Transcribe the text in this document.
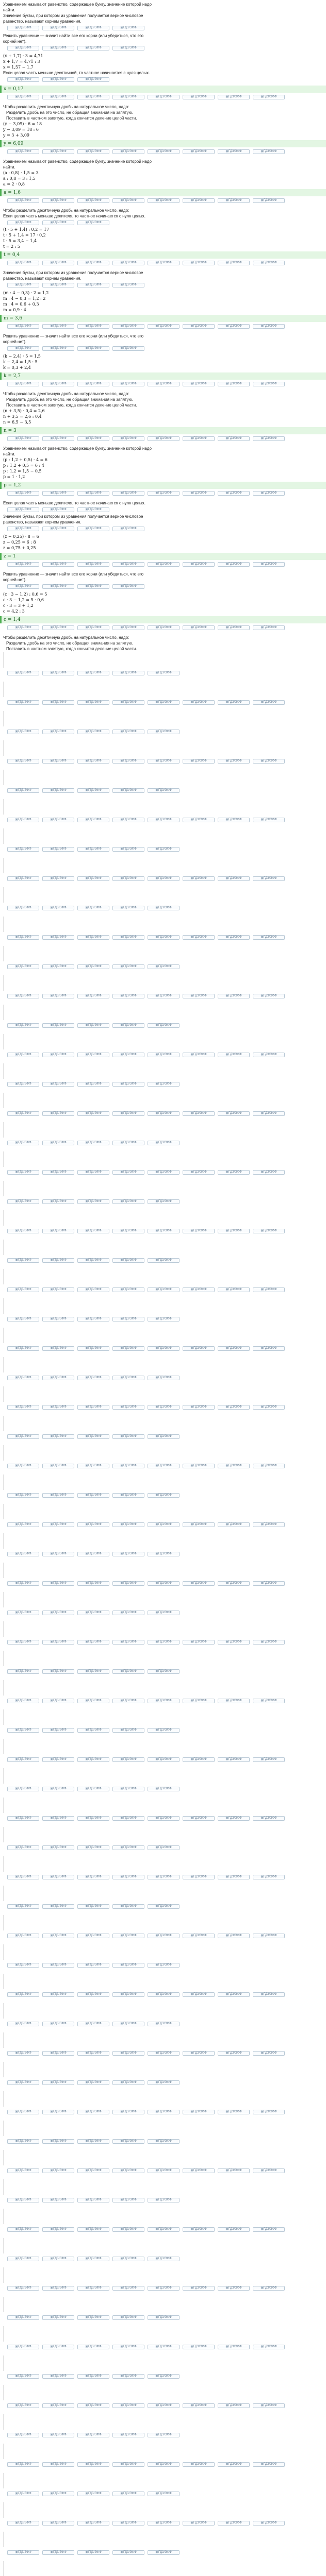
Уравнением называют равенство, содержащее букву, значение которой надо

найти.

Значение буквы, при котором из уравнения получается верное числовое

равенство, называют корнем уравнения.

▣ ГДЗ/ЭФФ	▣ ГДЗ/ЭФФ	▣ ГДЗ/ЭФФ	▣ ГДЗ/ЭФФ

Решить уравнение — значит найти все его корни (или убедиться, что его

корней нет).

▣ ГДЗ/ЭФФ	▣ ГДЗ/ЭФФ	▣ ГДЗ/ЭФФ	▣ ГДЗ/ЭФФ

(x + 1,7) · 3 = 4,71

x + 1,7 = 4,71 : 3

x = 1,57 − 1,7

Если целая часть меньше десятичной, то частное начинается с нуля целых.

▣ ГДЗ/ЭФФ	▣ ГДЗ/ЭФФ	▣ ГДЗ/ЭФФ

x = 0,17

▣ ГДЗ/ЭФФ	▣ ГДЗ/ЭФФ	▣ ГДЗ/ЭФФ	▣ ГДЗ/ЭФФ	▣ ГДЗ/ЭФФ	▣ ГДЗ/ЭФФ	▣ ГДЗ/ЭФФ	▣ ГДЗ/ЭФФ

Чтобы разделить десятичную дробь на натуральное число, надо:

Разделить дробь на это число, не обращая внимания на запятую.

Поставить в частном запятую, когда кончится деление целой части.

(y − 3,09) · 6 = 18

y − 3,09 = 18 : 6

y = 3 + 3,09

y = 6,09

▣ ГДЗ/ЭФФ	▣ ГДЗ/ЭФФ	▣ ГДЗ/ЭФФ	▣ ГДЗ/ЭФФ	▣ ГДЗ/ЭФФ	▣ ГДЗ/ЭФФ	▣ ГДЗ/ЭФФ	▣ ГДЗ/ЭФФ

Уравнением называют равенство, содержащее букву, значение которой надо

найти.

(a : 0,8) · 1,5 = 3

a : 0,8 = 3 : 1,5

a = 2 · 0,8

a = 1,6

▣ ГДЗ/ЭФФ	▣ ГДЗ/ЭФФ	▣ ГДЗ/ЭФФ	▣ ГДЗ/ЭФФ	▣ ГДЗ/ЭФФ	▣ ГДЗ/ЭФФ	▣ ГДЗ/ЭФФ	▣ ГДЗ/ЭФФ

Чтобы разделить десятичную дробь на натуральное число, надо:

Если целая часть меньше делителя, то частное начинается с нуля целых.

▣ ГДЗ/ЭФФ	▣ ГДЗ/ЭФФ	▣ ГДЗ/ЭФФ

(t · 5 + 1,4) : 0,2 = 17

t · 5 + 1,4 = 17 · 0,2

t · 5 = 3,4 − 1,4

t = 2 : 5

t = 0,4

▣ ГДЗ/ЭФФ	▣ ГДЗ/ЭФФ	▣ ГДЗ/ЭФФ	▣ ГДЗ/ЭФФ	▣ ГДЗ/ЭФФ	▣ ГДЗ/ЭФФ	▣ ГДЗ/ЭФФ	▣ ГДЗ/ЭФФ

Значение буквы, при котором из уравнения получается верное числовое

равенство, называют корнем уравнения.

▣ ГДЗ/ЭФФ	▣ ГДЗ/ЭФФ	▣ ГДЗ/ЭФФ	▣ ГДЗ/ЭФФ

(m : 4 − 0,3) · 2 = 1,2

m : 4 − 0,3 = 1,2 : 2

m : 4 = 0,6 + 0,3

m = 0,9 · 4

m = 3,6

▣ ГДЗ/ЭФФ	▣ ГДЗ/ЭФФ	▣ ГДЗ/ЭФФ	▣ ГДЗ/ЭФФ	▣ ГДЗ/ЭФФ	▣ ГДЗ/ЭФФ	▣ ГДЗ/ЭФФ	▣ ГДЗ/ЭФФ

Решить уравнение — значит найти все его корни (или убедиться, что его

корней нет).

▣ ГДЗ/ЭФФ	▣ ГДЗ/ЭФФ	▣ ГДЗ/ЭФФ	▣ ГДЗ/ЭФФ

(k − 2,4) · 5 = 1,5

k − 2,4 = 1,5 : 5

k = 0,3 + 2,4

k = 2,7

▣ ГДЗ/ЭФФ	▣ ГДЗ/ЭФФ	▣ ГДЗ/ЭФФ	▣ ГДЗ/ЭФФ	▣ ГДЗ/ЭФФ	▣ ГДЗ/ЭФФ	▣ ГДЗ/ЭФФ	▣ ГДЗ/ЭФФ

Чтобы разделить десятичную дробь на натуральное число, надо:

Разделить дробь на это число, не обращая внимания на запятую.

Поставить в частном запятую, когда кончится деление целой части.

(n + 3,5) · 0,4 = 2,6

n + 3,5 = 2,6 : 0,4

n = 6,5 − 3,5

n = 3

▣ ГДЗ/ЭФФ	▣ ГДЗ/ЭФФ	▣ ГДЗ/ЭФФ	▣ ГДЗ/ЭФФ	▣ ГДЗ/ЭФФ	▣ ГДЗ/ЭФФ	▣ ГДЗ/ЭФФ	▣ ГДЗ/ЭФФ

Уравнением называют равенство, содержащее букву, значение которой надо

найти.

(p : 1,2 + 0,5) · 4 = 6

p : 1,2 + 0,5 = 6 : 4

p : 1,2 = 1,5 − 0,5

p = 1 · 1,2

p = 1,2

▣ ГДЗ/ЭФФ	▣ ГДЗ/ЭФФ	▣ ГДЗ/ЭФФ	▣ ГДЗ/ЭФФ	▣ ГДЗ/ЭФФ	▣ ГДЗ/ЭФФ	▣ ГДЗ/ЭФФ	▣ ГДЗ/ЭФФ

Если целая часть меньше делителя, то частное начинается с нуля целых.

▣ ГДЗ/ЭФФ	▣ ГДЗ/ЭФФ	▣ ГДЗ/ЭФФ

Значение буквы, при котором из уравнения получается верное числовое

равенство, называют корнем уравнения.

▣ ГДЗ/ЭФФ	▣ ГДЗ/ЭФФ	▣ ГДЗ/ЭФФ	▣ ГДЗ/ЭФФ

(z − 0,25) · 8 = 6

z − 0,25 = 6 : 8

z = 0,75 + 0,25

z = 1

▣ ГДЗ/ЭФФ	▣ ГДЗ/ЭФФ	▣ ГДЗ/ЭФФ	▣ ГДЗ/ЭФФ	▣ ГДЗ/ЭФФ	▣ ГДЗ/ЭФФ	▣ ГДЗ/ЭФФ	▣ ГДЗ/ЭФФ

Решить уравнение — значит найти все его корни (или убедиться, что его

корней нет).

▣ ГДЗ/ЭФФ	▣ ГДЗ/ЭФФ	▣ ГДЗ/ЭФФ	▣ ГДЗ/ЭФФ

(c · 3 − 1,2) : 0,6 = 5

c · 3 − 1,2 = 5 · 0,6

c · 3 = 3 + 1,2

c = 4,2 : 3

c = 1,4

▣ ГДЗ/ЭФФ	▣ ГДЗ/ЭФФ	▣ ГДЗ/ЭФФ	▣ ГДЗ/ЭФФ	▣ ГДЗ/ЭФФ	▣ ГДЗ/ЭФФ	▣ ГДЗ/ЭФФ	▣ ГДЗ/ЭФФ

Чтобы разделить десятичную дробь на натуральное число, надо:

Разделить дробь на это число, не обращая внимания на запятую.

Поставить в частном запятую, когда кончится деление целой части.

▣ ГДЗ/ЭФФ	▣ ГДЗ/ЭФФ	▣ ГДЗ/ЭФФ	▣ ГДЗ/ЭФФ	▣ ГДЗ/ЭФФ
▣ ГДЗ/ЭФФ	▣ ГДЗ/ЭФФ	▣ ГДЗ/ЭФФ	▣ ГДЗ/ЭФФ	▣ ГДЗ/ЭФФ	▣ ГДЗ/ЭФФ	▣ ГДЗ/ЭФФ	▣ ГДЗ/ЭФФ
▣ ГДЗ/ЭФФ	▣ ГДЗ/ЭФФ	▣ ГДЗ/ЭФФ	▣ ГДЗ/ЭФФ	▣ ГДЗ/ЭФФ
▣ ГДЗ/ЭФФ	▣ ГДЗ/ЭФФ	▣ ГДЗ/ЭФФ	▣ ГДЗ/ЭФФ	▣ ГДЗ/ЭФФ	▣ ГДЗ/ЭФФ	▣ ГДЗ/ЭФФ	▣ ГДЗ/ЭФФ
▣ ГДЗ/ЭФФ	▣ ГДЗ/ЭФФ	▣ ГДЗ/ЭФФ	▣ ГДЗ/ЭФФ	▣ ГДЗ/ЭФФ
▣ ГДЗ/ЭФФ	▣ ГДЗ/ЭФФ	▣ ГДЗ/ЭФФ	▣ ГДЗ/ЭФФ	▣ ГДЗ/ЭФФ	▣ ГДЗ/ЭФФ	▣ ГДЗ/ЭФФ	▣ ГДЗ/ЭФФ
▣ ГДЗ/ЭФФ	▣ ГДЗ/ЭФФ	▣ ГДЗ/ЭФФ	▣ ГДЗ/ЭФФ	▣ ГДЗ/ЭФФ
▣ ГДЗ/ЭФФ	▣ ГДЗ/ЭФФ	▣ ГДЗ/ЭФФ	▣ ГДЗ/ЭФФ	▣ ГДЗ/ЭФФ	▣ ГДЗ/ЭФФ	▣ ГДЗ/ЭФФ	▣ ГДЗ/ЭФФ
▣ ГДЗ/ЭФФ	▣ ГДЗ/ЭФФ	▣ ГДЗ/ЭФФ	▣ ГДЗ/ЭФФ	▣ ГДЗ/ЭФФ
▣ ГДЗ/ЭФФ	▣ ГДЗ/ЭФФ	▣ ГДЗ/ЭФФ	▣ ГДЗ/ЭФФ	▣ ГДЗ/ЭФФ	▣ ГДЗ/ЭФФ	▣ ГДЗ/ЭФФ	▣ ГДЗ/ЭФФ
▣ ГДЗ/ЭФФ	▣ ГДЗ/ЭФФ	▣ ГДЗ/ЭФФ	▣ ГДЗ/ЭФФ	▣ ГДЗ/ЭФФ
▣ ГДЗ/ЭФФ	▣ ГДЗ/ЭФФ	▣ ГДЗ/ЭФФ	▣ ГДЗ/ЭФФ	▣ ГДЗ/ЭФФ	▣ ГДЗ/ЭФФ	▣ ГДЗ/ЭФФ	▣ ГДЗ/ЭФФ
▣ ГДЗ/ЭФФ	▣ ГДЗ/ЭФФ	▣ ГДЗ/ЭФФ	▣ ГДЗ/ЭФФ	▣ ГДЗ/ЭФФ
▣ ГДЗ/ЭФФ	▣ ГДЗ/ЭФФ	▣ ГДЗ/ЭФФ	▣ ГДЗ/ЭФФ	▣ ГДЗ/ЭФФ	▣ ГДЗ/ЭФФ	▣ ГДЗ/ЭФФ	▣ ГДЗ/ЭФФ
▣ ГДЗ/ЭФФ	▣ ГДЗ/ЭФФ	▣ ГДЗ/ЭФФ	▣ ГДЗ/ЭФФ	▣ ГДЗ/ЭФФ
▣ ГДЗ/ЭФФ	▣ ГДЗ/ЭФФ	▣ ГДЗ/ЭФФ	▣ ГДЗ/ЭФФ	▣ ГДЗ/ЭФФ	▣ ГДЗ/ЭФФ	▣ ГДЗ/ЭФФ	▣ ГДЗ/ЭФФ
▣ ГДЗ/ЭФФ	▣ ГДЗ/ЭФФ	▣ ГДЗ/ЭФФ	▣ ГДЗ/ЭФФ	▣ ГДЗ/ЭФФ
▣ ГДЗ/ЭФФ	▣ ГДЗ/ЭФФ	▣ ГДЗ/ЭФФ	▣ ГДЗ/ЭФФ	▣ ГДЗ/ЭФФ	▣ ГДЗ/ЭФФ	▣ ГДЗ/ЭФФ	▣ ГДЗ/ЭФФ
▣ ГДЗ/ЭФФ	▣ ГДЗ/ЭФФ	▣ ГДЗ/ЭФФ	▣ ГДЗ/ЭФФ	▣ ГДЗ/ЭФФ
▣ ГДЗ/ЭФФ	▣ ГДЗ/ЭФФ	▣ ГДЗ/ЭФФ	▣ ГДЗ/ЭФФ	▣ ГДЗ/ЭФФ	▣ ГДЗ/ЭФФ	▣ ГДЗ/ЭФФ	▣ ГДЗ/ЭФФ
▣ ГДЗ/ЭФФ	▣ ГДЗ/ЭФФ	▣ ГДЗ/ЭФФ	▣ ГДЗ/ЭФФ	▣ ГДЗ/ЭФФ
▣ ГДЗ/ЭФФ	▣ ГДЗ/ЭФФ	▣ ГДЗ/ЭФФ	▣ ГДЗ/ЭФФ	▣ ГДЗ/ЭФФ	▣ ГДЗ/ЭФФ	▣ ГДЗ/ЭФФ	▣ ГДЗ/ЭФФ
▣ ГДЗ/ЭФФ	▣ ГДЗ/ЭФФ	▣ ГДЗ/ЭФФ	▣ ГДЗ/ЭФФ	▣ ГДЗ/ЭФФ
▣ ГДЗ/ЭФФ	▣ ГДЗ/ЭФФ	▣ ГДЗ/ЭФФ	▣ ГДЗ/ЭФФ	▣ ГДЗ/ЭФФ	▣ ГДЗ/ЭФФ	▣ ГДЗ/ЭФФ	▣ ГДЗ/ЭФФ
▣ ГДЗ/ЭФФ	▣ ГДЗ/ЭФФ	▣ ГДЗ/ЭФФ	▣ ГДЗ/ЭФФ	▣ ГДЗ/ЭФФ
▣ ГДЗ/ЭФФ	▣ ГДЗ/ЭФФ	▣ ГДЗ/ЭФФ	▣ ГДЗ/ЭФФ	▣ ГДЗ/ЭФФ	▣ ГДЗ/ЭФФ	▣ ГДЗ/ЭФФ	▣ ГДЗ/ЭФФ
▣ ГДЗ/ЭФФ	▣ ГДЗ/ЭФФ	▣ ГДЗ/ЭФФ	▣ ГДЗ/ЭФФ	▣ ГДЗ/ЭФФ
▣ ГДЗ/ЭФФ	▣ ГДЗ/ЭФФ	▣ ГДЗ/ЭФФ	▣ ГДЗ/ЭФФ	▣ ГДЗ/ЭФФ	▣ ГДЗ/ЭФФ	▣ ГДЗ/ЭФФ	▣ ГДЗ/ЭФФ
▣ ГДЗ/ЭФФ	▣ ГДЗ/ЭФФ	▣ ГДЗ/ЭФФ	▣ ГДЗ/ЭФФ	▣ ГДЗ/ЭФФ
▣ ГДЗ/ЭФФ	▣ ГДЗ/ЭФФ	▣ ГДЗ/ЭФФ	▣ ГДЗ/ЭФФ	▣ ГДЗ/ЭФФ	▣ ГДЗ/ЭФФ	▣ ГДЗ/ЭФФ	▣ ГДЗ/ЭФФ
▣ ГДЗ/ЭФФ	▣ ГДЗ/ЭФФ	▣ ГДЗ/ЭФФ	▣ ГДЗ/ЭФФ	▣ ГДЗ/ЭФФ
▣ ГДЗ/ЭФФ	▣ ГДЗ/ЭФФ	▣ ГДЗ/ЭФФ	▣ ГДЗ/ЭФФ	▣ ГДЗ/ЭФФ	▣ ГДЗ/ЭФФ	▣ ГДЗ/ЭФФ	▣ ГДЗ/ЭФФ
▣ ГДЗ/ЭФФ	▣ ГДЗ/ЭФФ	▣ ГДЗ/ЭФФ	▣ ГДЗ/ЭФФ	▣ ГДЗ/ЭФФ
▣ ГДЗ/ЭФФ	▣ ГДЗ/ЭФФ	▣ ГДЗ/ЭФФ	▣ ГДЗ/ЭФФ	▣ ГДЗ/ЭФФ	▣ ГДЗ/ЭФФ	▣ ГДЗ/ЭФФ	▣ ГДЗ/ЭФФ
▣ ГДЗ/ЭФФ	▣ ГДЗ/ЭФФ	▣ ГДЗ/ЭФФ	▣ ГДЗ/ЭФФ	▣ ГДЗ/ЭФФ
▣ ГДЗ/ЭФФ	▣ ГДЗ/ЭФФ	▣ ГДЗ/ЭФФ	▣ ГДЗ/ЭФФ	▣ ГДЗ/ЭФФ	▣ ГДЗ/ЭФФ	▣ ГДЗ/ЭФФ	▣ ГДЗ/ЭФФ
▣ ГДЗ/ЭФФ	▣ ГДЗ/ЭФФ	▣ ГДЗ/ЭФФ	▣ ГДЗ/ЭФФ	▣ ГДЗ/ЭФФ
▣ ГДЗ/ЭФФ	▣ ГДЗ/ЭФФ	▣ ГДЗ/ЭФФ	▣ ГДЗ/ЭФФ	▣ ГДЗ/ЭФФ	▣ ГДЗ/ЭФФ	▣ ГДЗ/ЭФФ	▣ ГДЗ/ЭФФ
▣ ГДЗ/ЭФФ	▣ ГДЗ/ЭФФ	▣ ГДЗ/ЭФФ	▣ ГДЗ/ЭФФ	▣ ГДЗ/ЭФФ
▣ ГДЗ/ЭФФ	▣ ГДЗ/ЭФФ	▣ ГДЗ/ЭФФ	▣ ГДЗ/ЭФФ	▣ ГДЗ/ЭФФ	▣ ГДЗ/ЭФФ	▣ ГДЗ/ЭФФ	▣ ГДЗ/ЭФФ
▣ ГДЗ/ЭФФ	▣ ГДЗ/ЭФФ	▣ ГДЗ/ЭФФ	▣ ГДЗ/ЭФФ	▣ ГДЗ/ЭФФ
▣ ГДЗ/ЭФФ	▣ ГДЗ/ЭФФ	▣ ГДЗ/ЭФФ	▣ ГДЗ/ЭФФ	▣ ГДЗ/ЭФФ	▣ ГДЗ/ЭФФ	▣ ГДЗ/ЭФФ	▣ ГДЗ/ЭФФ
▣ ГДЗ/ЭФФ	▣ ГДЗ/ЭФФ	▣ ГДЗ/ЭФФ	▣ ГДЗ/ЭФФ	▣ ГДЗ/ЭФФ
▣ ГДЗ/ЭФФ	▣ ГДЗ/ЭФФ	▣ ГДЗ/ЭФФ	▣ ГДЗ/ЭФФ	▣ ГДЗ/ЭФФ	▣ ГДЗ/ЭФФ	▣ ГДЗ/ЭФФ	▣ ГДЗ/ЭФФ
▣ ГДЗ/ЭФФ	▣ ГДЗ/ЭФФ	▣ ГДЗ/ЭФФ	▣ ГДЗ/ЭФФ	▣ ГДЗ/ЭФФ
▣ ГДЗ/ЭФФ	▣ ГДЗ/ЭФФ	▣ ГДЗ/ЭФФ	▣ ГДЗ/ЭФФ	▣ ГДЗ/ЭФФ	▣ ГДЗ/ЭФФ	▣ ГДЗ/ЭФФ	▣ ГДЗ/ЭФФ
▣ ГДЗ/ЭФФ	▣ ГДЗ/ЭФФ	▣ ГДЗ/ЭФФ	▣ ГДЗ/ЭФФ	▣ ГДЗ/ЭФФ
▣ ГДЗ/ЭФФ	▣ ГДЗ/ЭФФ	▣ ГДЗ/ЭФФ	▣ ГДЗ/ЭФФ	▣ ГДЗ/ЭФФ	▣ ГДЗ/ЭФФ	▣ ГДЗ/ЭФФ	▣ ГДЗ/ЭФФ
▣ ГДЗ/ЭФФ	▣ ГДЗ/ЭФФ	▣ ГДЗ/ЭФФ	▣ ГДЗ/ЭФФ	▣ ГДЗ/ЭФФ
▣ ГДЗ/ЭФФ	▣ ГДЗ/ЭФФ	▣ ГДЗ/ЭФФ	▣ ГДЗ/ЭФФ	▣ ГДЗ/ЭФФ	▣ ГДЗ/ЭФФ	▣ ГДЗ/ЭФФ	▣ ГДЗ/ЭФФ
▣ ГДЗ/ЭФФ	▣ ГДЗ/ЭФФ	▣ ГДЗ/ЭФФ	▣ ГДЗ/ЭФФ	▣ ГДЗ/ЭФФ
▣ ГДЗ/ЭФФ	▣ ГДЗ/ЭФФ	▣ ГДЗ/ЭФФ	▣ ГДЗ/ЭФФ	▣ ГДЗ/ЭФФ	▣ ГДЗ/ЭФФ	▣ ГДЗ/ЭФФ	▣ ГДЗ/ЭФФ
▣ ГДЗ/ЭФФ	▣ ГДЗ/ЭФФ	▣ ГДЗ/ЭФФ	▣ ГДЗ/ЭФФ	▣ ГДЗ/ЭФФ
▣ ГДЗ/ЭФФ	▣ ГДЗ/ЭФФ	▣ ГДЗ/ЭФФ	▣ ГДЗ/ЭФФ	▣ ГДЗ/ЭФФ	▣ ГДЗ/ЭФФ	▣ ГДЗ/ЭФФ	▣ ГДЗ/ЭФФ
▣ ГДЗ/ЭФФ	▣ ГДЗ/ЭФФ	▣ ГДЗ/ЭФФ	▣ ГДЗ/ЭФФ	▣ ГДЗ/ЭФФ
▣ ГДЗ/ЭФФ	▣ ГДЗ/ЭФФ	▣ ГДЗ/ЭФФ	▣ ГДЗ/ЭФФ	▣ ГДЗ/ЭФФ	▣ ГДЗ/ЭФФ	▣ ГДЗ/ЭФФ	▣ ГДЗ/ЭФФ
▣ ГДЗ/ЭФФ	▣ ГДЗ/ЭФФ	▣ ГДЗ/ЭФФ	▣ ГДЗ/ЭФФ	▣ ГДЗ/ЭФФ
▣ ГДЗ/ЭФФ	▣ ГДЗ/ЭФФ	▣ ГДЗ/ЭФФ	▣ ГДЗ/ЭФФ	▣ ГДЗ/ЭФФ	▣ ГДЗ/ЭФФ	▣ ГДЗ/ЭФФ	▣ ГДЗ/ЭФФ
▣ ГДЗ/ЭФФ	▣ ГДЗ/ЭФФ	▣ ГДЗ/ЭФФ	▣ ГДЗ/ЭФФ	▣ ГДЗ/ЭФФ
▣ ГДЗ/ЭФФ	▣ ГДЗ/ЭФФ	▣ ГДЗ/ЭФФ	▣ ГДЗ/ЭФФ	▣ ГДЗ/ЭФФ	▣ ГДЗ/ЭФФ	▣ ГДЗ/ЭФФ	▣ ГДЗ/ЭФФ
▣ ГДЗ/ЭФФ	▣ ГДЗ/ЭФФ	▣ ГДЗ/ЭФФ	▣ ГДЗ/ЭФФ	▣ ГДЗ/ЭФФ
▣ ГДЗ/ЭФФ	▣ ГДЗ/ЭФФ	▣ ГДЗ/ЭФФ	▣ ГДЗ/ЭФФ	▣ ГДЗ/ЭФФ	▣ ГДЗ/ЭФФ	▣ ГДЗ/ЭФФ	▣ ГДЗ/ЭФФ
▣ ГДЗ/ЭФФ	▣ ГДЗ/ЭФФ	▣ ГДЗ/ЭФФ	▣ ГДЗ/ЭФФ	▣ ГДЗ/ЭФФ
▣ ГДЗ/ЭФФ	▣ ГДЗ/ЭФФ	▣ ГДЗ/ЭФФ	▣ ГДЗ/ЭФФ	▣ ГДЗ/ЭФФ	▣ ГДЗ/ЭФФ	▣ ГДЗ/ЭФФ	▣ ГДЗ/ЭФФ
▣ ГДЗ/ЭФФ	▣ ГДЗ/ЭФФ	▣ ГДЗ/ЭФФ	▣ ГДЗ/ЭФФ	▣ ГДЗ/ЭФФ
